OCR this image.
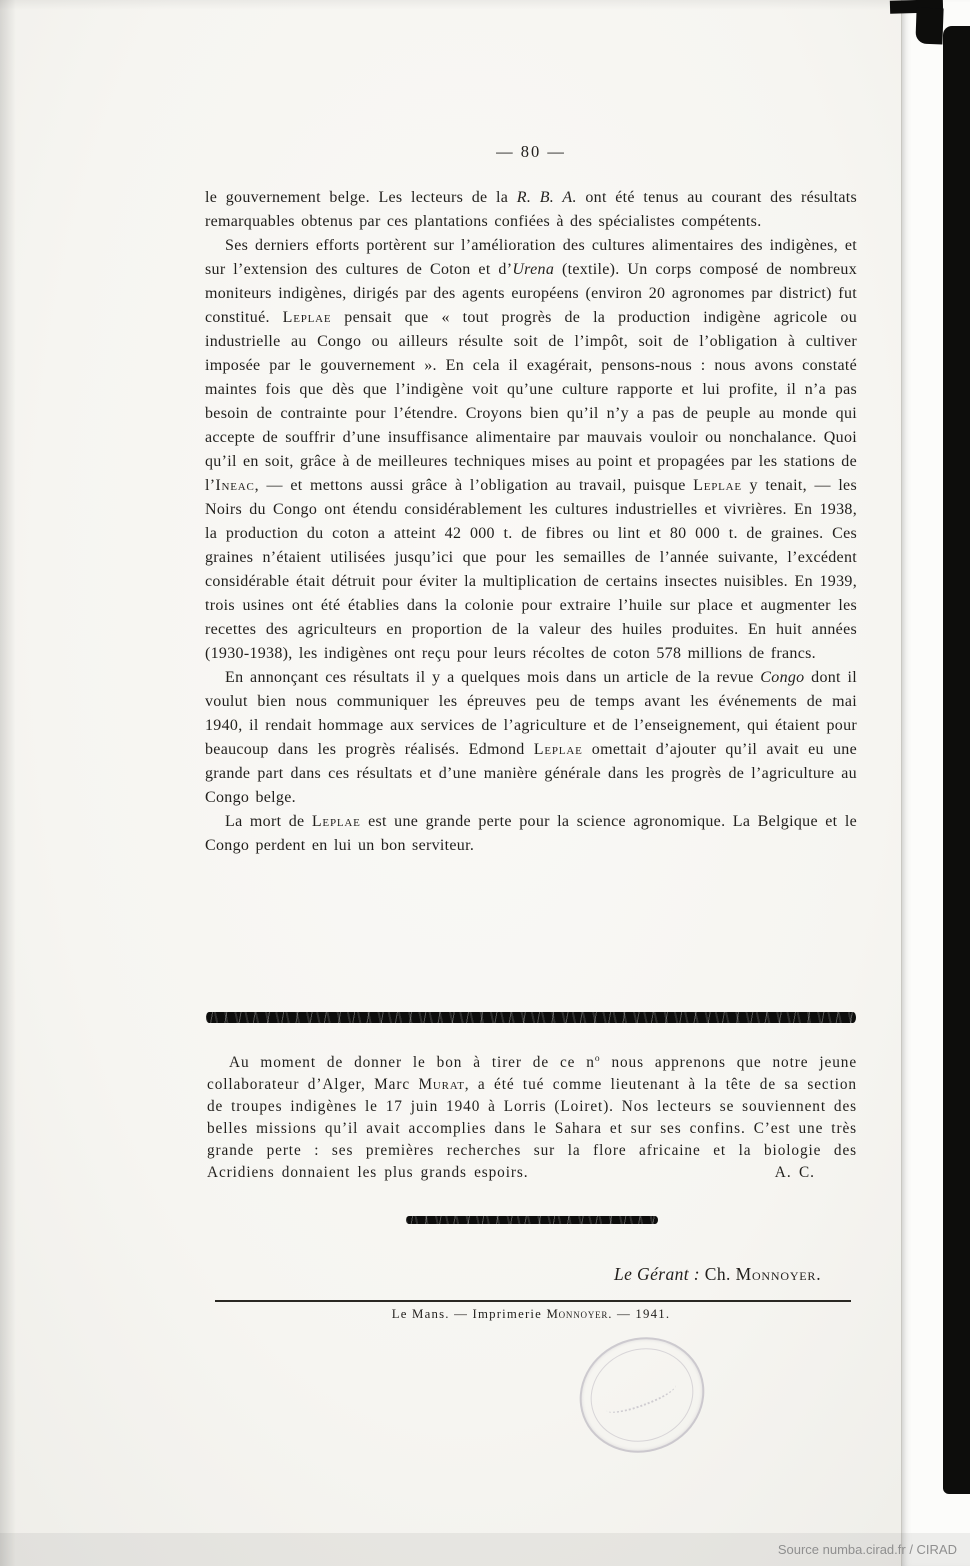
— 80 —

le gouvernement belge. Les lecteurs de la R. B. A. ont été tenus au courant des résultats remarquables obtenus par ces plantations confiées à des spécialistes compétents.

Ses derniers efforts portèrent sur l’amélioration des cultures alimentaires des indigènes, et sur l’extension des cultures de Coton et d’Urena (textile). Un corps composé de nombreux moniteurs indigènes, dirigés par des agents européens (environ 20 agronomes par district) fut constitué. Leplae pensait que « tout progrès de la production indigène agricole ou industrielle au Congo ou ailleurs résulte soit de l’impôt, soit de l’obligation à cultiver imposée par le gouvernement ». En cela il exagérait, pensons-nous : nous avons constaté maintes fois que dès que l’indigène voit qu’une culture rapporte et lui profite, il n’a pas besoin de contrainte pour l’étendre. Croyons bien qu’il n’y a pas de peuple au monde qui accepte de souffrir d’une insuffisance alimentaire par mauvais vouloir ou nonchalance. Quoi qu’il en soit, grâce à de meilleures techniques mises au point et propagées par les stations de l’Ineac, — et mettons aussi grâce à l’obligation au travail, puisque Leplae y tenait, — les Noirs du Congo ont étendu considérablement les cultures industrielles et vivrières. En 1938, la production du coton a atteint 42 000 t. de fibres ou lint et 80 000 t. de graines. Ces graines n’étaient utilisées jusqu’ici que pour les semailles de l’année suivante, l’excédent considérable était détruit pour éviter la multiplication de certains insectes nuisibles. En 1939, trois usines ont été établies dans la colonie pour extraire l’huile sur place et augmenter les recettes des agriculteurs en proportion de la valeur des huiles produites. En huit années (1930-1938), les indigènes ont reçu pour leurs récoltes de coton 578 millions de francs.

En annonçant ces résultats il y a quelques mois dans un article de la revue Congo dont il voulut bien nous communiquer les épreuves peu de temps avant les événements de mai 1940, il rendait hommage aux services de l’agriculture et de l’enseignement, qui étaient pour beaucoup dans les progrès réalisés. Edmond Leplae omettait d’ajouter qu’il avait eu une grande part dans ces résultats et d’une manière générale dans les progrès de l’agriculture au Congo belge.

La mort de Leplae est une grande perte pour la science agronomique. La Belgique et le Congo perdent en lui un bon serviteur.

Au moment de donner le bon à tirer de ce $n^o$ nous apprenons que notre jeune collaborateur d’Alger, Marc Murat, a été tué comme lieutenant à la tête de sa section de troupes indigènes le 17 juin 1940 à Lorris (Loiret). Nos lecteurs se souviennent des belles missions qu’il avait accomplies dans le Sahara et sur ses confins. C’est une très grande perte : ses premières recherches sur la flore africaine et la biologie des Acridiens donnaient les plus grands espoirs.	A. C.
Le Gérant : Ch. Monnoyer.
Le Mans. — Imprimerie Monnoyer. — 1941.
Source numba.cirad.fr / CIRAD
